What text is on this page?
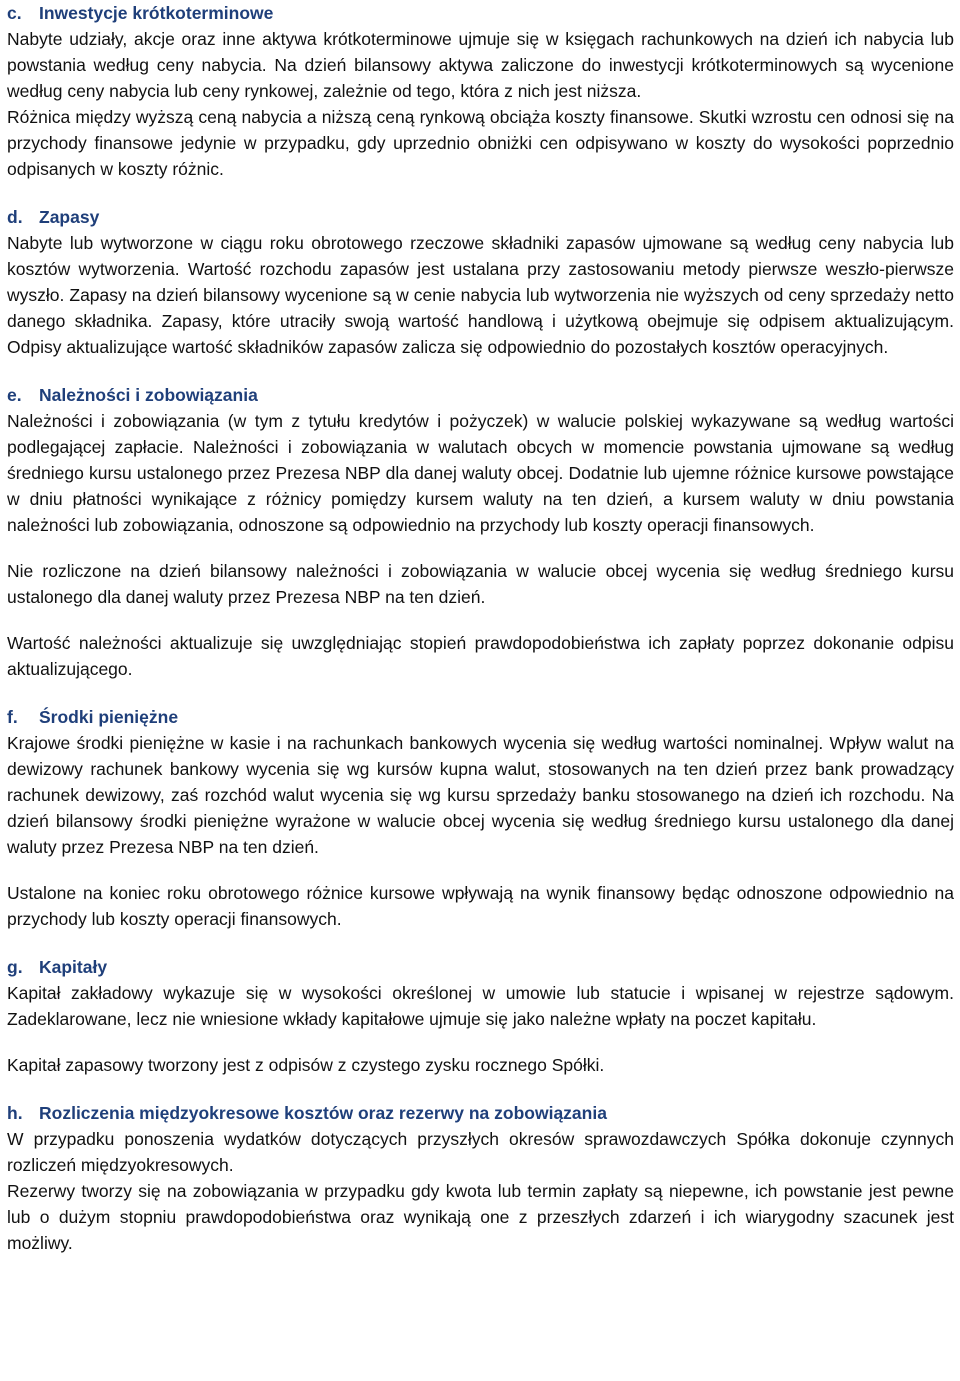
c. Inwestycje krótkoterminowe

Nabyte udziały, akcje oraz inne aktywa krótkoterminowe ujmuje się w księgach rachunkowych na dzień ich nabycia lub powstania według ceny nabycia. Na dzień bilansowy aktywa zaliczone do inwestycji krótkoterminowych są wycenione według ceny nabycia lub ceny rynkowej, zależnie od tego, która z nich jest niższa.

Różnica między wyższą ceną nabycia a niższą ceną rynkową obciąża koszty finansowe. Skutki wzrostu cen odnosi się na przychody finansowe jedynie w przypadku, gdy uprzednio obniżki cen odpisywano w koszty do wysokości poprzednio odpisanych w koszty różnic.

d. Zapasy

Nabyte lub wytworzone w ciągu roku obrotowego rzeczowe składniki zapasów ujmowane są według ceny nabycia lub kosztów wytworzenia. Wartość rozchodu zapasów jest ustalana przy zastosowaniu metody pierwsze weszło-pierwsze wyszło. Zapasy na dzień bilansowy wycenione są w cenie nabycia lub wytworzenia nie wyższych od ceny sprzedaży netto danego składnika. Zapasy, które utraciły swoją wartość handlową i użytkową obejmuje się odpisem aktualizującym. Odpisy aktualizujące wartość składników zapasów zalicza się odpowiednio do pozostałych kosztów operacyjnych.

e. Należności i zobowiązania

Należności i zobowiązania (w tym z tytułu kredytów i pożyczek) w walucie polskiej wykazywane są według wartości podlegającej zapłacie. Należności i zobowiązania w walutach obcych w momencie powstania ujmowane są według średniego kursu ustalonego przez Prezesa NBP dla danej waluty obcej. Dodatnie lub ujemne różnice kursowe powstające w dniu płatności wynikające z różnicy pomiędzy kursem waluty na ten dzień, a kursem waluty w dniu powstania należności lub zobowiązania, odnoszone są odpowiednio na przychody lub koszty operacji finansowych.

Nie rozliczone na dzień bilansowy należności i zobowiązania w walucie obcej wycenia się według średniego kursu ustalonego dla danej waluty przez Prezesa NBP na ten dzień.

Wartość należności aktualizuje się uwzględniając stopień prawdopodobieństwa ich zapłaty poprzez dokonanie odpisu aktualizującego.

f. Środki pieniężne

Krajowe środki pieniężne w kasie i na rachunkach bankowych wycenia się według wartości nominalnej. Wpływ walut na dewizowy rachunek bankowy wycenia się wg kursów kupna walut, stosowanych na ten dzień przez bank prowadzący rachunek dewizowy, zaś rozchód walut wycenia się wg kursu sprzedaży banku stosowanego na dzień ich rozchodu. Na dzień bilansowy środki pieniężne wyrażone w walucie obcej wycenia się według średniego kursu ustalonego dla danej waluty przez Prezesa NBP na ten dzień.

Ustalone na koniec roku obrotowego różnice kursowe wpływają na wynik finansowy będąc odnoszone odpowiednio na przychody lub koszty operacji finansowych.

g. Kapitały

Kapitał zakładowy wykazuje się w wysokości określonej w umowie lub statucie i wpisanej w rejestrze sądowym. Zadeklarowane, lecz nie wniesione wkłady kapitałowe ujmuje się jako należne wpłaty na poczet kapitału.

Kapitał zapasowy tworzony jest z odpisów z czystego zysku rocznego Spółki.

h. Rozliczenia międzyokresowe kosztów oraz rezerwy na zobowiązania

W przypadku ponoszenia wydatków dotyczących przyszłych okresów sprawozdawczych Spółka dokonuje czynnych rozliczeń międzyokresowych.

Rezerwy tworzy się na zobowiązania w przypadku gdy kwota lub termin zapłaty są niepewne, ich powstanie jest pewne lub o dużym stopniu prawdopodobieństwa oraz wynikają one z przeszłych zdarzeń i ich wiarygodny szacunek jest możliwy.
